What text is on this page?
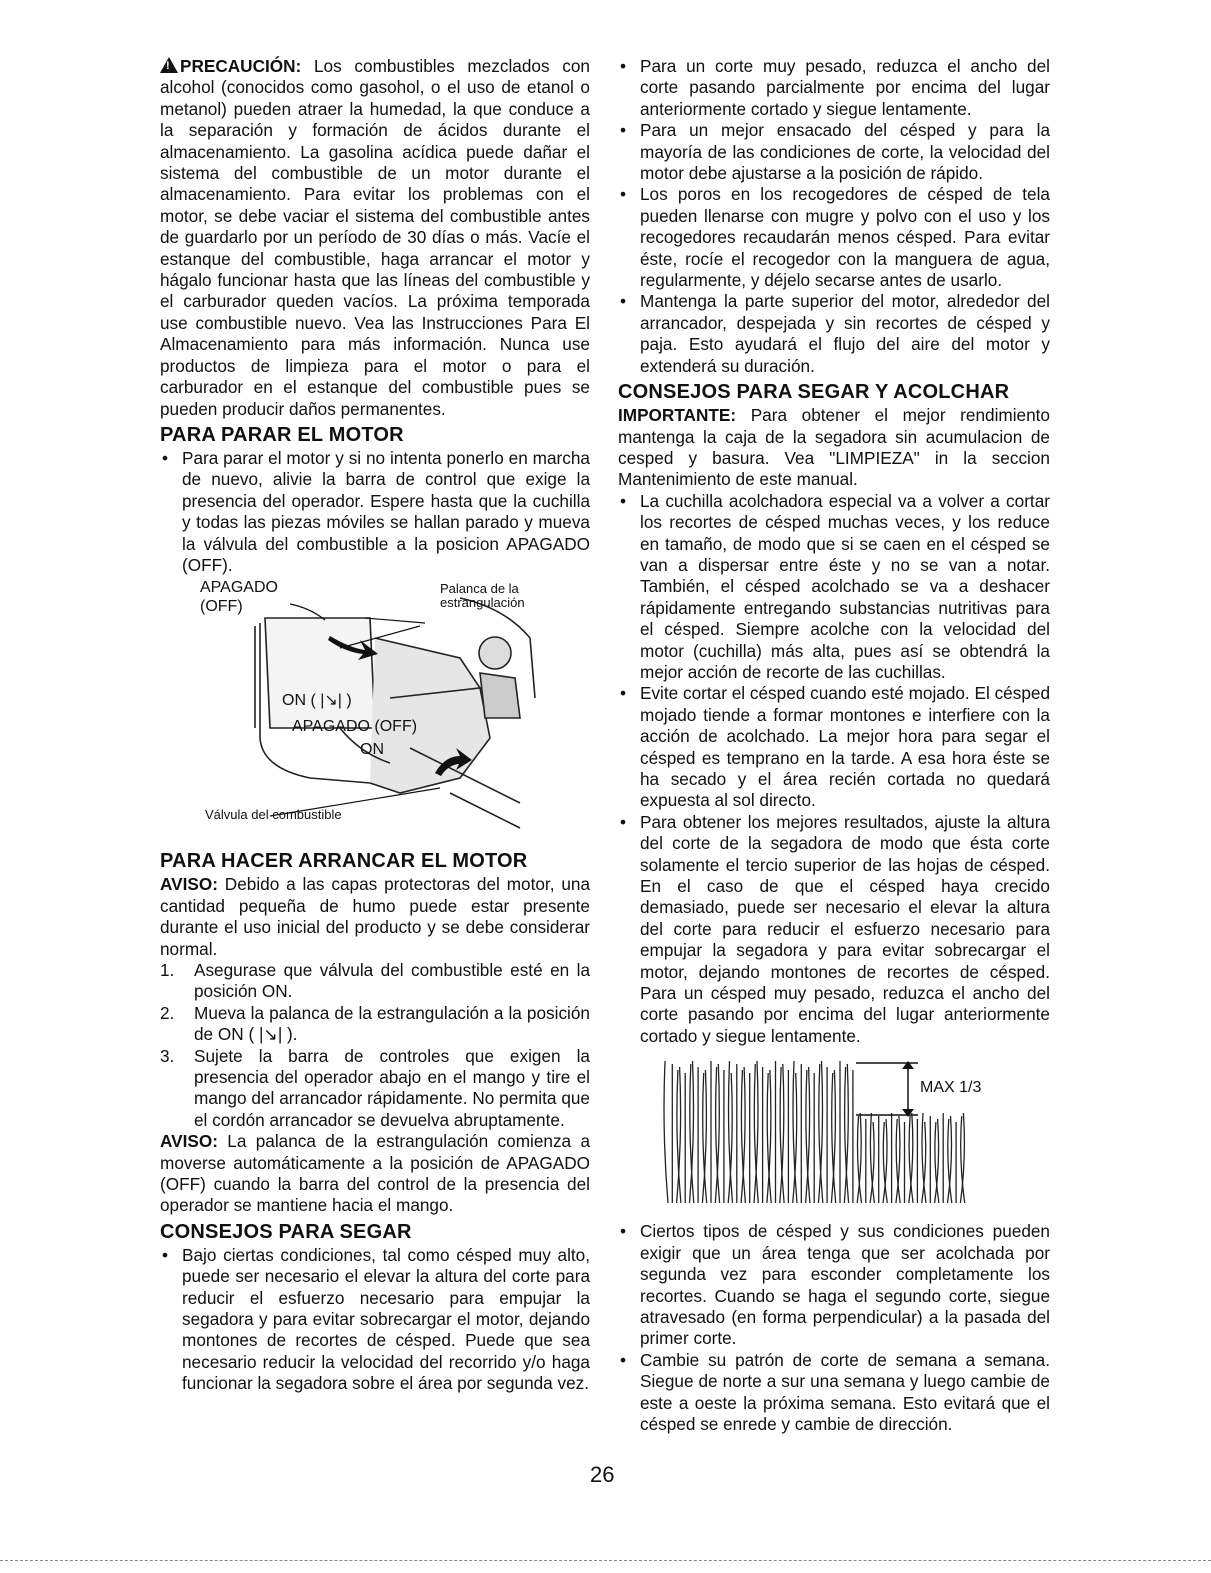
!PRECAUCIÓN: Los combustibles mezclados con alcohol (conocidos como gasohol, o el uso de etanol o metanol) pueden atraer la humedad, la que conduce a la separación y formación de ácidos durante el almacenamiento. La gasolina acídica puede dañar el sistema del combustible de un motor durante el almacenamiento. Para evitar los problemas con el motor, se debe vaciar el sistema del combustible antes de guardarlo por un período de 30 días o más. Vacíe el estanque del combustible, haga arrancar el motor y hágalo funcionar hasta que las líneas del combustible y el carburador queden vacíos. La próxima temporada use combustible nuevo. Vea las Instrucciones Para El Almacenamiento para más información. Nunca use productos de limpieza para el motor o para el carburador en el estanque del combustible pues se pueden producir daños permanentes.

PARA PARAR EL MOTOR
• Para parar el motor y si no intenta ponerlo en marcha de nuevo, alivie la barra de control que exige la presencia del operador. Espere hasta que la cuchilla y todas las piezas móviles se hallan parado y mueva la válvula del combustible a la posicion APAGADO (OFF).
APAGADO
(OFF)
Palanca de la
estrangulación
ON ( |↘| )
APAGADO (OFF)
ON
Válvula del combustible
PARA HACER ARRANCAR EL MOTOR

AVISO: Debido a las capas protectoras del motor, una cantidad pequeña de humo puede estar presente durante el uso inicial del producto y se debe considerar normal.

1. Asegurase que válvula del combustible esté en la posición ON.
2. Mueva la palanca de la estrangulación a la posición de ON ( |↘| ).
3. Sujete la barra de controles que exigen la presencia del operador abajo en el mango y tire el mango del arrancador rápidamente. No permita que el cordón arrancador se devuelva abruptamente.

AVISO: La palanca de la estrangulación comienza a moverse automáticamente a la posición de APAGADO (OFF) cuando la barra del control de la presencia del operador se mantiene hacia el mango.

CONSEJOS PARA SEGAR
• Bajo ciertas condiciones, tal como césped muy alto, puede ser necesario el elevar la altura del corte para reducir el esfuerzo necesario para empujar la segadora y para evitar sobrecargar el motor, dejando montones de recortes de césped. Puede que sea necesario reducir la velocidad del recorrido y/o haga funcionar la segadora sobre el área por segunda vez.
• Para un corte muy pesado, reduzca el ancho del corte pasando parcialmente por encima del lugar anteriormente cortado y siegue lentamente.
• Para un mejor ensacado del césped y para la mayoría de las condiciones de corte, la velocidad del motor debe ajustarse a la posición de rápido.
• Los poros en los recogedores de césped de tela pueden llenarse con mugre y polvo con el uso y los recogedores recaudarán menos césped. Para evitar éste, rocíe el recogedor con la manguera de agua, regularmente, y déjelo secarse antes de usarlo.
• Mantenga la parte superior del motor, alrededor del arrancador, despejada y sin recortes de césped y paja. Esto ayudará el flujo del aire del motor y extenderá su duración.
CONSEJOS PARA SEGAR Y ACOLCHAR

IMPORTANTE: Para obtener el mejor rendimiento mantenga la caja de la segadora sin acumulacion de cesped y basura. Vea "LIMPIEZA" in la seccion Mantenimiento de este manual.

• La cuchilla acolchadora especial va a volver a cortar los recortes de césped muchas veces, y los reduce en tamaño, de modo que si se caen en el césped se van a dispersar entre éste y no se van a notar. También, el césped acolchado se va a deshacer rápidamente entregando substancias nutritivas para el césped. Siempre acolche con la velocidad del motor (cuchilla) más alta, pues así se obtendrá la mejor acción de recorte de las cuchillas.
• Evite cortar el césped cuando esté mojado. El césped mojado tiende a formar montones e interfiere con la acción de acolchado. La mejor hora para segar el césped es temprano en la tarde. A esa hora éste se ha secado y el área recién cortada no quedará expuesta al sol directo.
• Para obtener los mejores resultados, ajuste la altura del corte de la segadora de modo que ésta corte solamente el tercio superior de las hojas de césped. En el caso de que el césped haya crecido demasiado, puede ser necesario el elevar la altura del corte para reducir el esfuerzo necesario para empujar la segadora y para evitar sobrecargar el motor, dejando montones de recortes de césped. Para un césped muy pesado, reduzca el ancho del corte pasando por encima del lugar anteriormente cortado y siegue lentamente.
MAX 1/3
• Ciertos tipos de césped y sus condiciones pueden exigir que un área tenga que ser acolchada por segunda vez para esconder completamente los recortes. Cuando se haga el segundo corte, siegue atravesado (en forma perpendicular) a la pasada del primer corte.
• Cambie su patrón de corte de semana a semana. Siegue de norte a sur una semana y luego cambie de este a oeste la próxima semana. Esto evitará que el césped se enrede y cambie de dirección.
26
